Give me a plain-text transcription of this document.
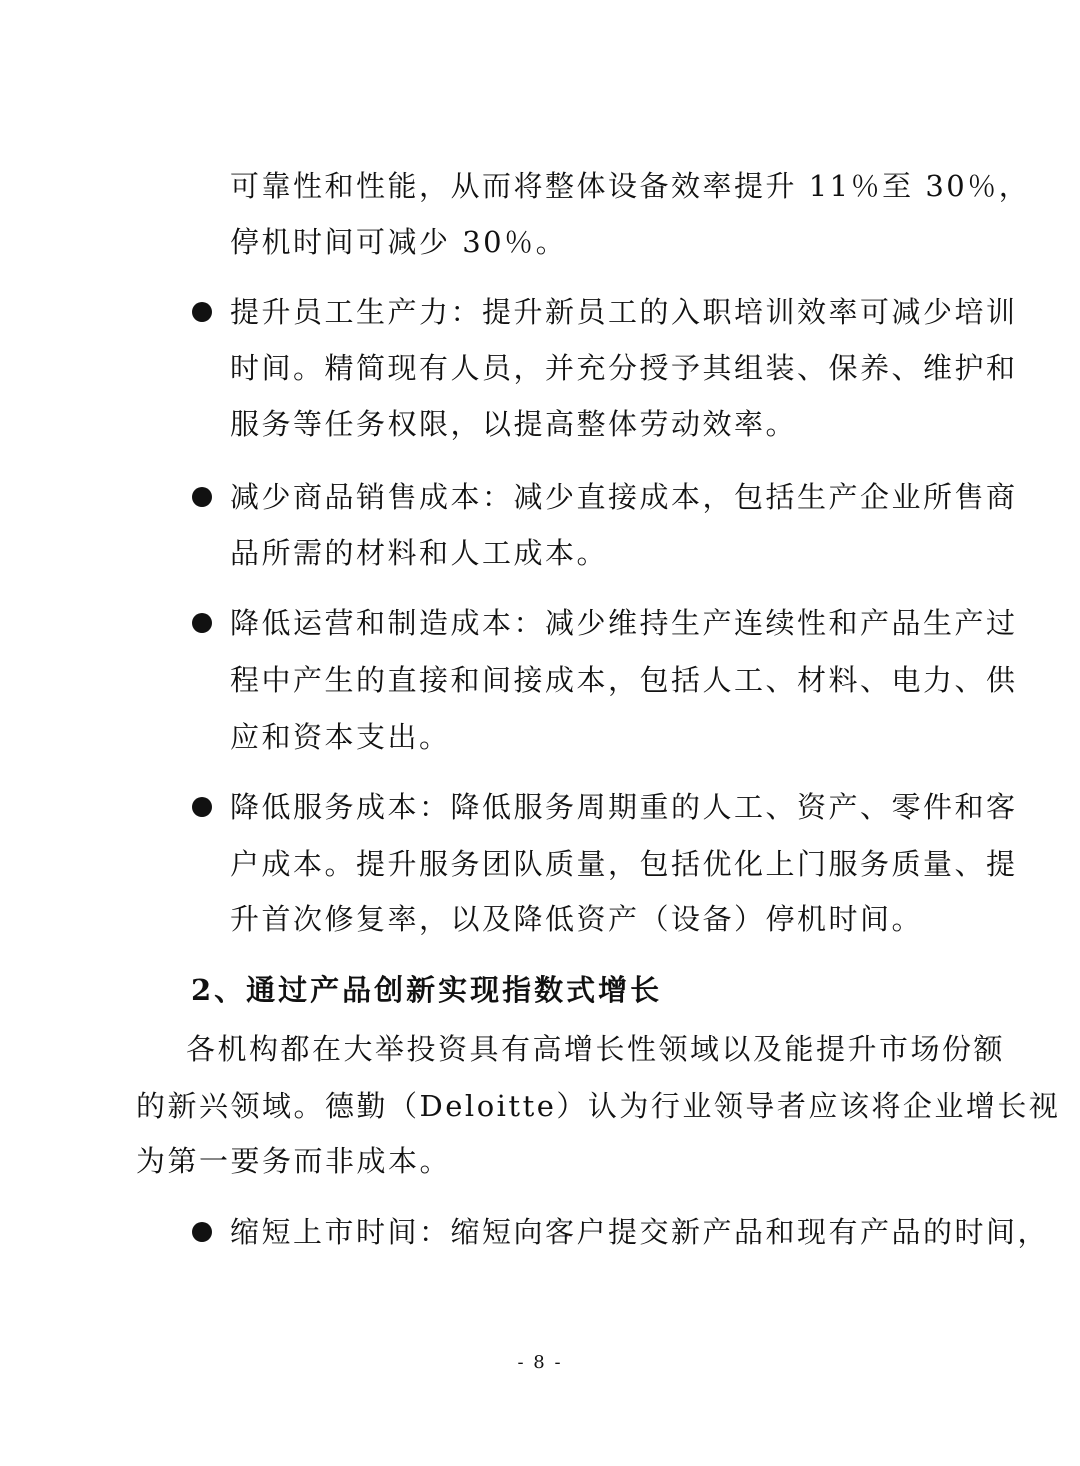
可靠性和性能，从而将整体设备效率提升 11％至 30％，
停机时间可减少 30％。
提升员工生产力：提升新员工的入职培训效率可减少培训
时间。精简现有人员，并充分授予其组装、保养、维护和
服务等任务权限，以提高整体劳动效率。
减少商品销售成本：减少直接成本，包括生产企业所售商
品所需的材料和人工成本。
降低运营和制造成本：减少维持生产连续性和产品生产过
程中产生的直接和间接成本，包括人工、材料、电力、供
应和资本支出。
降低服务成本：降低服务周期重的人工、资产、零件和客
户成本。提升服务团队质量，包括优化上门服务质量、提
升首次修复率，以及降低资产（设备）停机时间。
2、通过产品创新实现指数式增长
各机构都在大举投资具有高增长性领域以及能提升市场份额
的新兴领域。德勤（Deloitte）认为行业领导者应该将企业增长视
为第一要务而非成本。
缩短上市时间：缩短向客户提交新产品和现有产品的时间，
- 8 -
